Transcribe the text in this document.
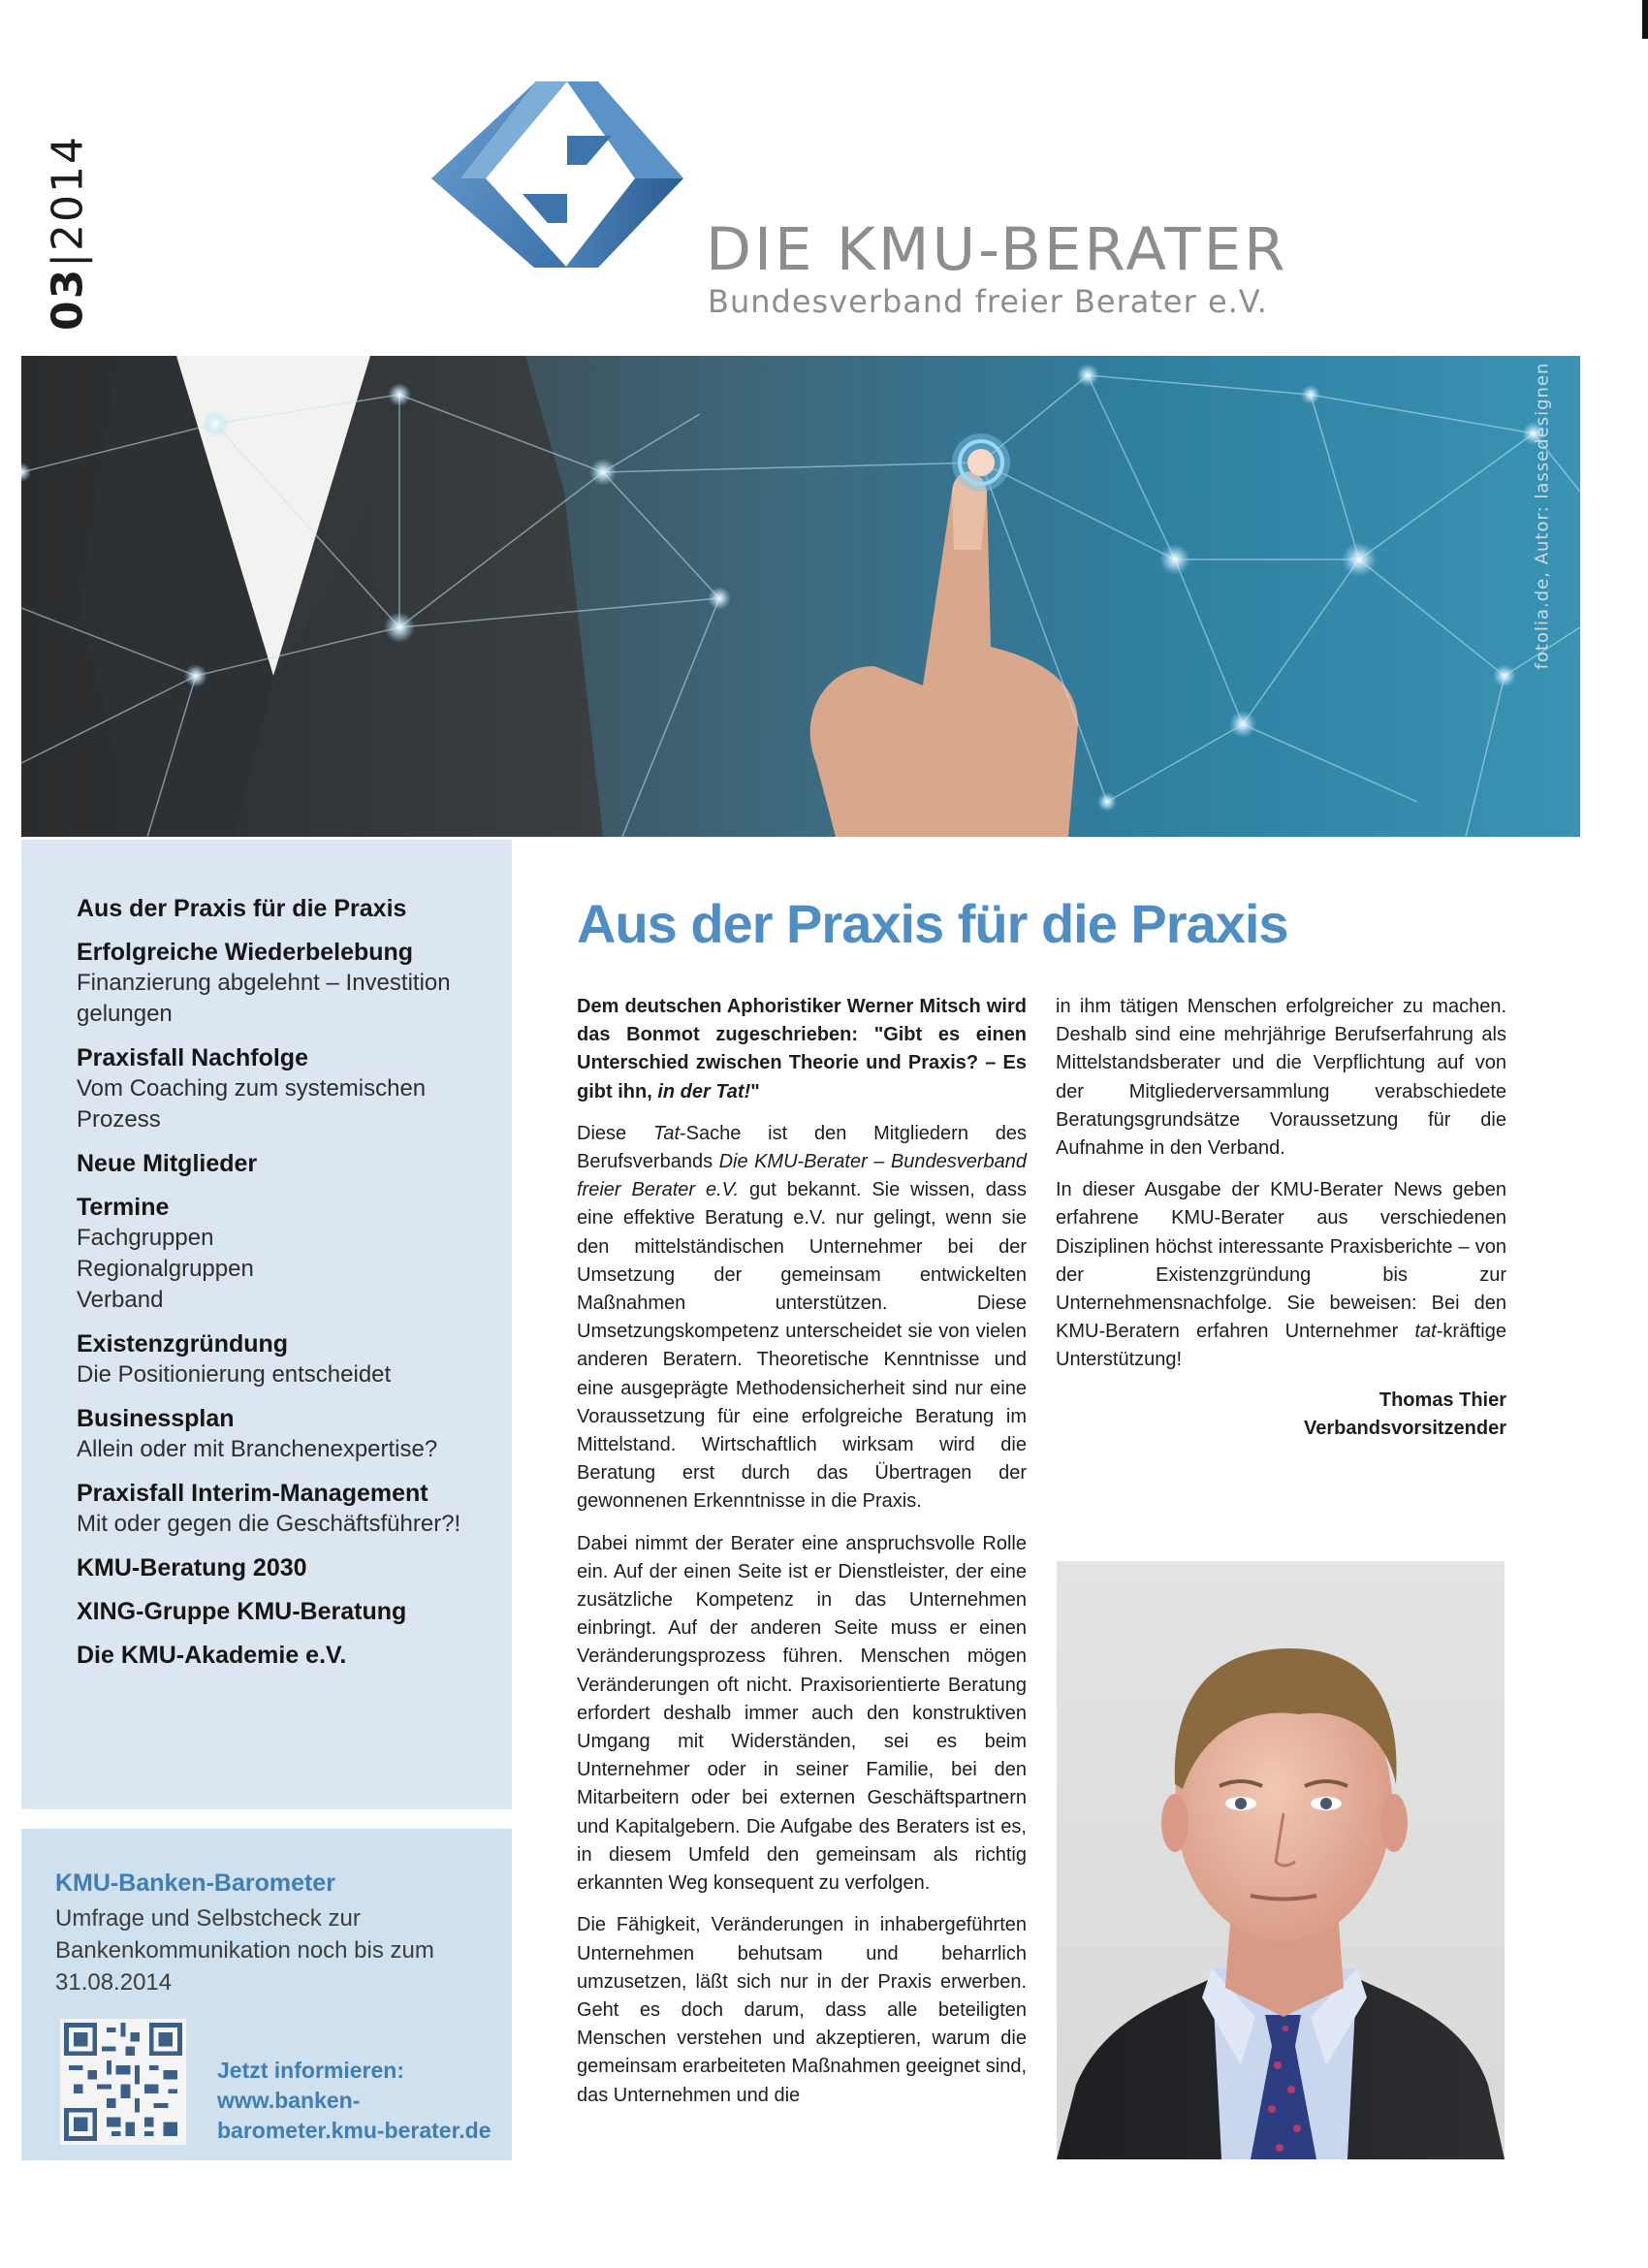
03|2014	DIE KMU-BERATER
Bundesverband freier Berater e.V.
fotolia.de, Autor: lassedesignen
Aus der Praxis für die Praxis
Erfolgreiche Wiederbelebung
Finanzierung abgelehnt – Investition gelungen
Praxisfall Nachfolge
Vom Coaching zum systemischen Prozess
Neue Mitglieder
Termine
Fachgruppen
Regionalgruppen
Verband
Existenzgründung
Die Positionierung entscheidet
Businessplan
Allein oder mit Branchenexpertise?
Praxisfall Interim-Management
Mit oder gegen die Geschäftsführer?!
KMU-Beratung 2030
XING-Gruppe KMU-Beratung
Die KMU-Akademie e.V.
KMU-Banken-Barometer
Umfrage und Selbstcheck zur Bankenkommunikation noch bis zum 31.08.2014
Jetzt informieren:
www.banken-barometer.kmu-berater.de
Aus der Praxis für die Praxis

Dem deutschen Aphoristiker Werner Mitsch wird das Bonmot zugeschrieben: "Gibt es einen Unterschied zwischen Theorie und Praxis? – Es gibt ihn, in der Tat!"

Diese Tat-Sache ist den Mitgliedern des Berufsverbands Die KMU-Berater – Bundesverband freier Berater e.V. gut bekannt. Sie wissen, dass eine effektive Beratung e.V. nur gelingt, wenn sie den mittelständischen Unternehmer bei der Umsetzung der gemeinsam entwickelten Maßnahmen unterstützen. Diese Umsetzungskompetenz unterscheidet sie von vielen anderen Beratern. Theoretische Kenntnisse und eine ausgeprägte Methodensicherheit sind nur eine Voraussetzung für eine erfolgreiche Beratung im Mittelstand. Wirtschaftlich wirksam wird die Beratung erst durch das Übertragen der gewonnenen Erkenntnisse in die Praxis.

Dabei nimmt der Berater eine anspruchsvolle Rolle ein. Auf der einen Seite ist er Dienstleister, der eine zusätzliche Kompetenz in das Unternehmen einbringt. Auf der anderen Seite muss er einen Veränderungsprozess führen. Menschen mögen Veränderungen oft nicht. Praxisorientierte Beratung erfordert deshalb immer auch den konstruktiven Umgang mit Widerständen, sei es beim Unternehmer oder in seiner Familie, bei den Mitarbeitern oder bei externen Geschäftspartnern und Kapitalgebern. Die Aufgabe des Beraters ist es, in diesem Umfeld den gemeinsam als richtig erkannten Weg konsequent zu verfolgen.

Die Fähigkeit, Veränderungen in inhabergeführten Unternehmen behutsam und beharrlich umzusetzen, läßt sich nur in der Praxis erwerben. Geht es doch darum, dass alle beteiligten Menschen verstehen und akzeptieren, warum die gemeinsam erarbeiteten Maßnahmen geeignet sind, das Unternehmen und die

in ihm tätigen Menschen erfolgreicher zu machen. Deshalb sind eine mehrjährige Berufserfahrung als Mittelstandsberater und die Verpflichtung auf von der Mitgliederversammlung verabschiedete Beratungsgrundsätze Voraussetzung für die Aufnahme in den Verband.

In dieser Ausgabe der KMU-Berater News geben erfahrene KMU-Berater aus verschiedenen Disziplinen höchst interessante Praxisberichte – von der Existenzgründung bis zur Unternehmensnachfolge. Sie beweisen: Bei den KMU-Beratern erfahren Unternehmer tat-kräftige Unterstützung!

Thomas Thier
Verbandsvorsitzender
